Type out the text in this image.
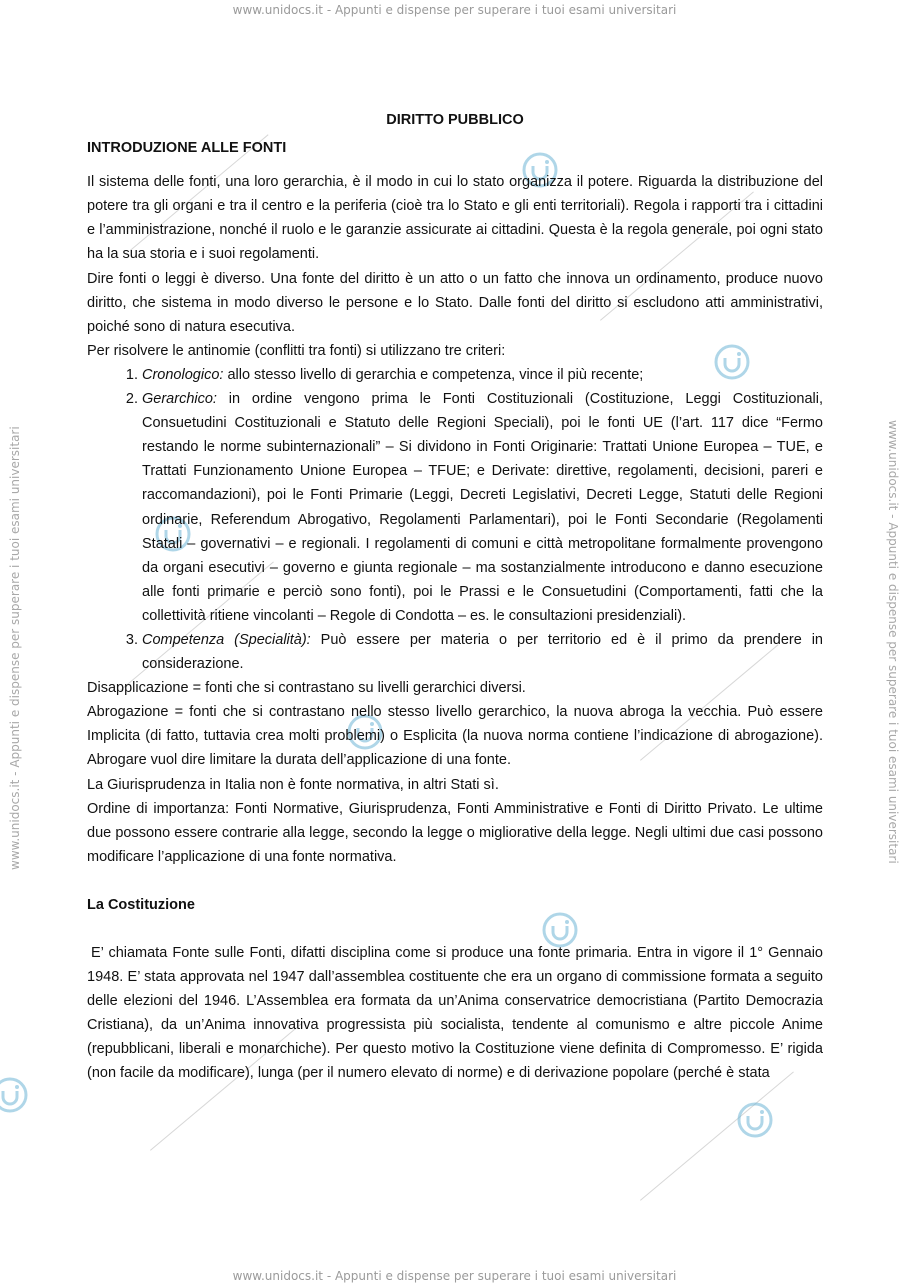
www.unidocs.it - Appunti e dispense per superare i tuoi esami universitari
www.unidocs.it - Appunti e dispense per superare i tuoi esami universitari
www.unidocs.it - Appunti e dispense per superare i tuoi esami universitari	www.unidocs.it - Appunti e dispense per superare i tuoi esami universitari
DIRITTO PUBBLICO
INTRODUZIONE ALLE FONTI

Il sistema delle fonti, una loro gerarchia, è il modo in cui lo stato organizza il potere. Riguarda la distribuzione del potere tra gli organi e tra il centro e la periferia (cioè tra lo Stato e gli enti territoriali). Regola i rapporti tra i cittadini e l’amministrazione, nonché il ruolo e le garanzie assicurate ai cittadini. Questa è la regola generale, poi ogni stato ha la sua storia e i suoi regolamenti.

Dire fonti o leggi è diverso. Una fonte del diritto è un atto o un fatto che innova un ordinamento, produce nuovo diritto, che sistema in modo diverso le persone e lo Stato. Dalle fonti del diritto si escludono atti amministrativi, poiché sono di natura esecutiva.

Per risolvere le antinomie (conflitti tra fonti) si utilizzano tre criteri:

1. Cronologico: allo stesso livello di gerarchia e competenza, vince il più recente;
2. Gerarchico: in ordine vengono prima le Fonti Costituzionali (Costituzione, Leggi Costituzionali, Consuetudini Costituzionali e Statuto delle Regioni Speciali), poi le fonti UE (l’art. 117 dice “Fermo restando le norme subinternazionali” – Si dividono in Fonti Originarie: Trattati Unione Europea – TUE, e Trattati Funzionamento Unione Europea – TFUE; e Derivate: direttive, regolamenti, decisioni, pareri e raccomandazioni), poi le Fonti Primarie (Leggi, Decreti Legislativi, Decreti Legge, Statuti delle Regioni ordinarie, Referendum Abrogativo, Regolamenti Parlamentari), poi le Fonti Secondarie (Regolamenti Statali – governativi – e regionali. I regolamenti di comuni e città metropolitane formalmente provengono da organi esecutivi – governo e giunta regionale – ma sostanzialmente introducono e danno esecuzione alle fonti primarie e perciò sono fonti), poi le Prassi e le Consuetudini (Comportamenti, fatti che la collettività ritiene vincolanti – Regole di Condotta – es. le consultazioni presidenziali).
3. Competenza (Specialità): Può essere per materia o per territorio ed è il primo da prendere in considerazione.

Disapplicazione = fonti che si contrastano su livelli gerarchici diversi.

Abrogazione = fonti che si contrastano nello stesso livello gerarchico, la nuova abroga la vecchia. Può essere Implicita (di fatto, tuttavia crea molti problemi) o Esplicita (la nuova norma contiene l’indicazione di abrogazione). Abrogare vuol dire limitare la durata dell’applicazione di una fonte.

La Giurisprudenza in Italia non è fonte normativa, in altri Stati sì.

Ordine di importanza: Fonti Normative, Giurisprudenza, Fonti Amministrative e Fonti di Diritto Privato. Le ultime due possono essere contrarie alla legge, secondo la legge o migliorative della legge. Negli ultimi due casi possono modificare l’applicazione di una fonte normativa.

La Costituzione

E’ chiamata Fonte sulle Fonti, difatti disciplina come si produce una fonte primaria. Entra in vigore il 1° Gennaio 1948. E’ stata approvata nel 1947 dall’assemblea costituente che era un organo di commissione formata a seguito delle elezioni del 1946. L’Assemblea era formata da un’Anima conservatrice democristiana (Partito Democrazia Cristiana), da un’Anima innovativa progressista più socialista, tendente al comunismo e altre piccole Anime (repubblicani, liberali e monarchiche). Per questo motivo la Costituzione viene definita di Compromesso. E’ rigida (non facile da modificare), lunga (per il numero elevato di norme) e di derivazione popolare (perché è stata
